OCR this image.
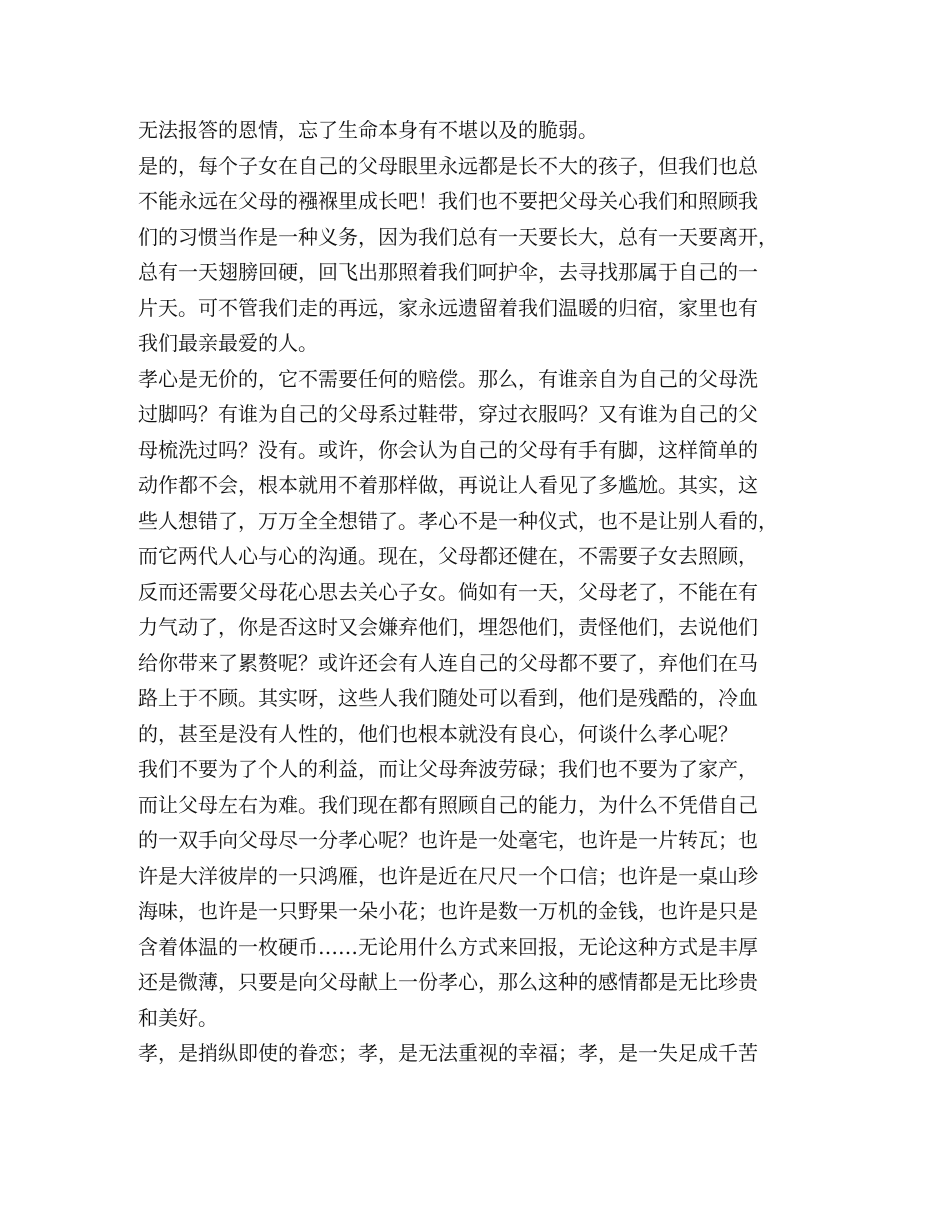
无法报答的恩情，忘了生命本身有不堪以及的脆弱。
是的，每个子女在自己的父母眼里永远都是长不大的孩子，但我们也总
不能永远在父母的襁褓里成长吧！我们也不要把父母关心我们和照顾我
们的习惯当作是一种义务，因为我们总有一天要长大，总有一天要离开，
总有一天翅膀回硬，回飞出那照着我们呵护伞，去寻找那属于自己的一
片天。可不管我们走的再远，家永远遗留着我们温暖的归宿，家里也有
我们最亲最爱的人。
孝心是无价的，它不需要任何的赔偿。那么，有谁亲自为自己的父母洗
过脚吗？有谁为自己的父母系过鞋带，穿过衣服吗？又有谁为自己的父
母梳洗过吗？没有。或许，你会认为自己的父母有手有脚，这样简单的
动作都不会，根本就用不着那样做，再说让人看见了多尴尬。其实，这
些人想错了，万万全全想错了。孝心不是一种仪式，也不是让别人看的，
而它两代人心与心的沟通。现在，父母都还健在，不需要子女去照顾，
反而还需要父母花心思去关心子女。倘如有一天，父母老了，不能在有
力气动了，你是否这时又会嫌弃他们，埋怨他们，责怪他们，去说他们
给你带来了累赘呢？或许还会有人连自己的父母都不要了，弃他们在马
路上于不顾。其实呀，这些人我们随处可以看到，他们是残酷的，冷血
的，甚至是没有人性的，他们也根本就没有良心，何谈什么孝心呢？
我们不要为了个人的利益，而让父母奔波劳碌；我们也不要为了家产，
而让父母左右为难。我们现在都有照顾自己的能力，为什么不凭借自己
的一双手向父母尽一分孝心呢？也许是一处毫宅，也许是一片转瓦；也
许是大洋彼岸的一只鸿雁，也许是近在尺尺一个口信；也许是一桌山珍
海味，也许是一只野果一朵小花；也许是数一万机的金钱，也许是只是
含着体温的一枚硬币……无论用什么方式来回报，无论这种方式是丰厚
还是微薄，只要是向父母献上一份孝心，那么这种的感情都是无比珍贵
和美好。
孝，是捎纵即使的眷恋；孝，是无法重视的幸福；孝，是一失足成千苦
